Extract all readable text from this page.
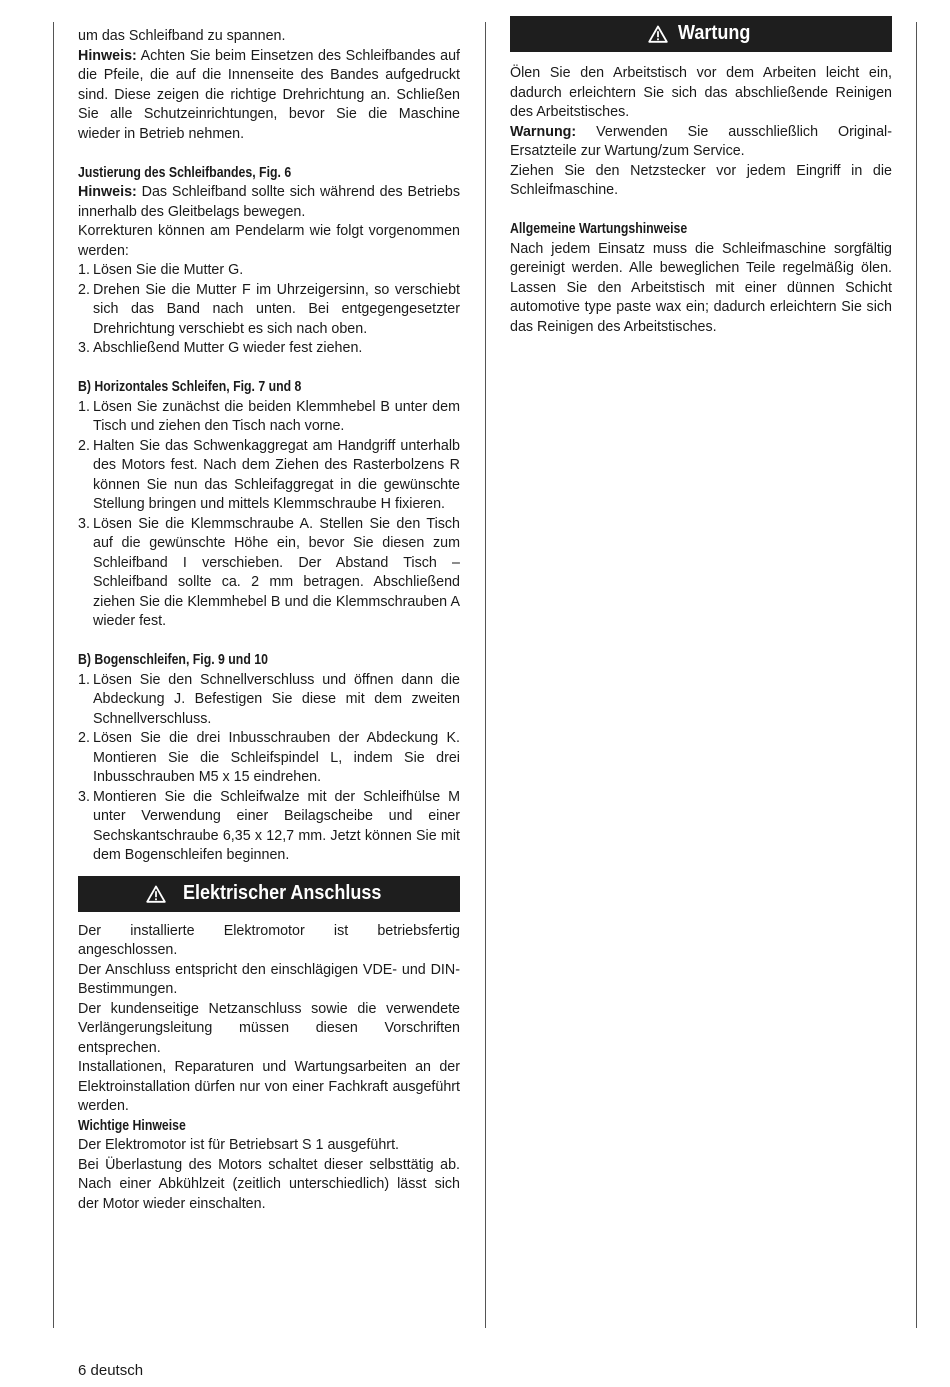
um das Schleifband zu spannen.

Hinweis: Achten Sie beim Einsetzen des Schleifbandes auf die Pfeile, die auf die Innenseite des Bandes aufgedruckt sind. Diese zeigen die richtige Drehrichtung an. Schließen Sie alle Schutzeinrichtungen, bevor Sie die Maschine wieder in Betrieb nehmen.

Justierung des Schleifbandes, Fig. 6

Hinweis: Das Schleifband sollte sich während des Betriebs innerhalb des Gleitbelags bewegen.

Korrekturen können am Pendelarm wie folgt vorgenommen werden:

1. Lösen Sie die Mutter G.
2. Drehen Sie die Mutter F im Uhrzeigersinn, so verschiebt sich das Band nach unten. Bei entgegengesetzter Drehrichtung verschiebt es sich nach oben.
3. Abschließend Mutter G wieder fest ziehen.
B) Horizontales Schleifen, Fig. 7 und 8
1. Lösen Sie zunächst die beiden Klemmhebel B unter dem Tisch und ziehen den Tisch nach vorne.
2. Halten Sie das Schwenkaggregat am Handgriff unterhalb des Motors fest. Nach dem Ziehen des Rasterbolzens R können Sie nun das Schleifaggregat in die gewünschte Stellung bringen und mittels Klemmschraube H fixieren.
3. Lösen Sie die Klemmschraube A. Stellen Sie den Tisch auf die gewünschte Höhe ein, bevor Sie diesen zum Schleifband I verschieben. Der Abstand Tisch – Schleifband sollte ca. 2 mm betragen. Abschließend ziehen Sie die Klemmhebel B und die Klemmschrauben A wieder fest.
B) Bogenschleifen, Fig. 9 und 10
1. Lösen Sie den Schnellverschluss und öffnen dann die Abdeckung J. Befestigen Sie diese mit dem zweiten Schnellverschluss.
2. Lösen Sie die drei Inbusschrauben der Abdeckung K. Montieren Sie die Schleifspindel L, indem Sie drei Inbusschrauben M5 x 15 eindrehen.
3. Montieren Sie die Schleifwalze mit der Schleifhülse M unter Verwendung einer Beilagscheibe und einer Sechskantschraube 6,35 x 12,7 mm. Jetzt können Sie mit dem Bogenschleifen beginnen.
Elektrischer Anschluss

Der installierte Elektromotor ist betriebsfertig angeschlossen.

Der Anschluss entspricht den einschlägigen VDE- und DIN-Bestimmungen.

Der kundenseitige Netzanschluss sowie die verwendete Verlängerungsleitung müssen diesen Vorschriften entsprechen.

Installationen, Reparaturen und Wartungsarbeiten an der Elektroinstallation dürfen nur von einer Fachkraft ausgeführt werden.

Wichtige Hinweise

Der Elektromotor ist für Betriebsart S 1 ausgeführt.

Bei Überlastung des Motors schaltet dieser selbsttätig ab. Nach einer Abkühlzeit (zeitlich unterschiedlich) lässt sich der Motor wieder einschalten.

Wartung

Ölen Sie den Arbeitstisch vor dem Arbeiten leicht ein, dadurch erleichtern Sie sich das abschließende Reinigen des Arbeitstisches.

Warnung: Verwenden Sie ausschließlich Original-Ersatzteile zur Wartung/zum Service.

Ziehen Sie den Netzstecker vor jedem Eingriff in die Schleifmaschine.

Allgemeine Wartungshinweise

Nach jedem Einsatz muss die Schleifmaschine sorgfältig gereinigt werden. Alle beweglichen Teile regelmäßig ölen. Lassen Sie den Arbeitstisch mit einer dünnen Schicht automotive type paste wax ein; dadurch erleichtern Sie sich das Reinigen des Arbeitstisches.

6 deutsch
